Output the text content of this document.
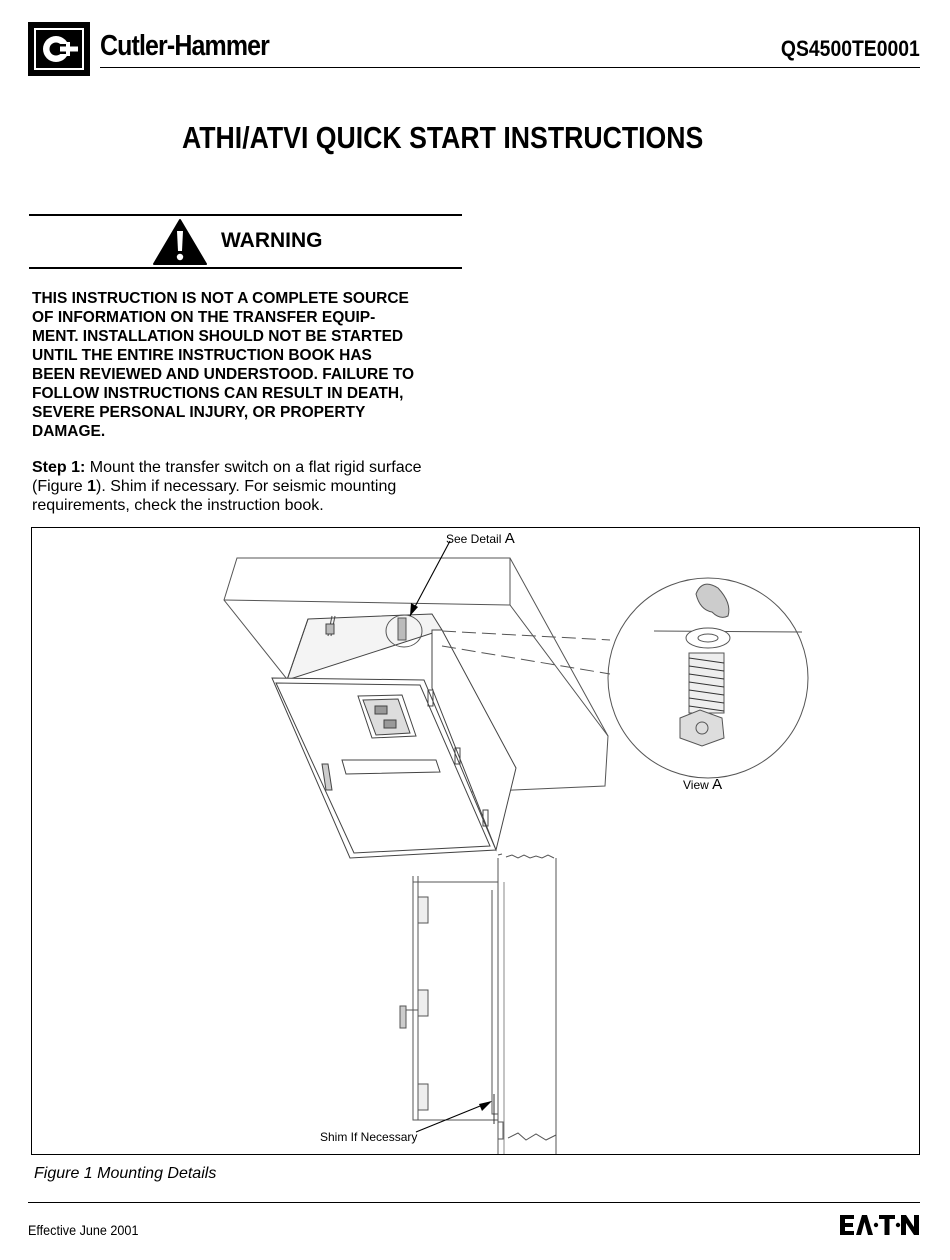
Cutler-Hammer	QS4500TE0001
ATHI/ATVI QUICK START INSTRUCTIONS
WARNING
THIS INSTRUCTION IS NOT A COMPLETE SOURCE
OF INFORMATION ON THE TRANSFER EQUIP-
MENT. INSTALLATION SHOULD NOT BE STARTED
UNTIL THE ENTIRE INSTRUCTION BOOK HAS
BEEN REVIEWED AND UNDERSTOOD. FAILURE TO
FOLLOW INSTRUCTIONS CAN RESULT IN DEATH,
SEVERE PERSONAL INJURY, OR PROPERTY
DAMAGE.
Step 1: Mount the transfer switch on a flat rigid surface
(Figure 1). Shim if necessary. For seismic mounting
requirements, check the instruction book.
See Detail A
View A
Shim If Necessary
Figure 1 Mounting Details
Effective June 2001
